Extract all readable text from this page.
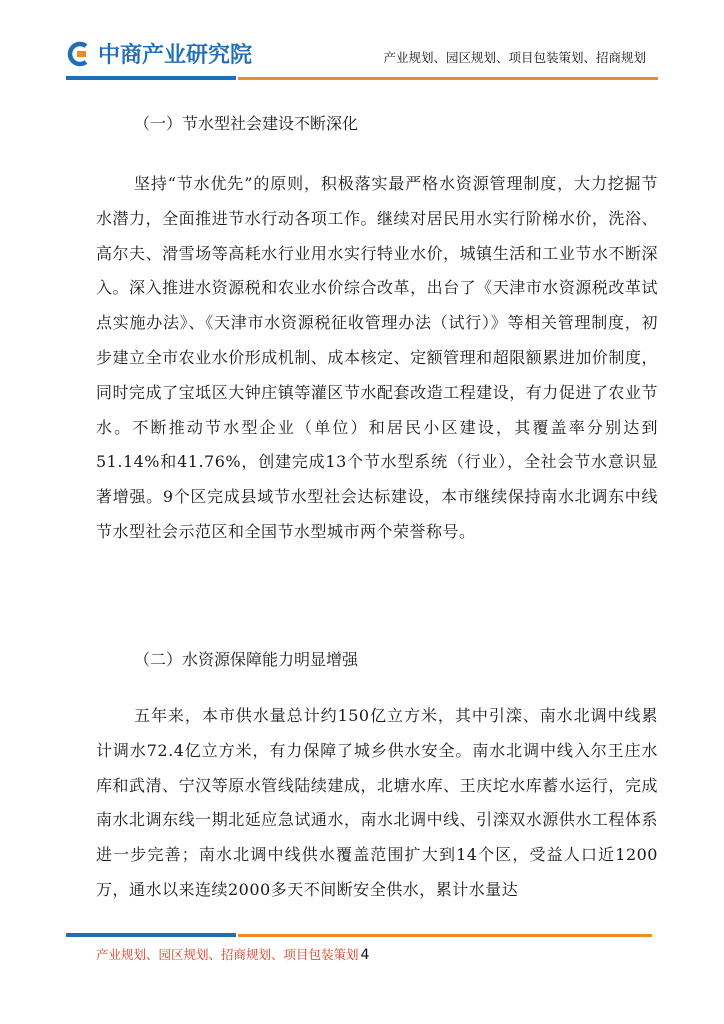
中商产业研究院	产业规划、园区规划、项目包装策划、招商规划

（一）节水型社会建设不断深化

坚持“节水优先”的原则，积极落实最严格水资源管理制度，大力挖掘节水潜力，全面推进节水行动各项工作。继续对居民用水实行阶梯水价，洗浴、高尔夫、滑雪场等高耗水行业用水实行特业水价，城镇生活和工业节水不断深入。深入推进水资源税和农业水价综合改革，出台了《天津市水资源税改革试点实施办法》、《天津市水资源税征收管理办法（试行）》等相关管理制度，初步建立全市农业水价形成机制、成本核定、定额管理和超限额累进加价制度，同时完成了宝坻区大钟庄镇等灌区节水配套改造工程建设，有力促进了农业节水。不断推动节水型企业（单位）和居民小区建设，其覆盖率分别达到51.14%和41.76%，创建完成13个节水型系统（行业），全社会节水意识显著增强。9个区完成县域节水型社会达标建设，本市继续保持南水北调东中线节水型社会示范区和全国节水型城市两个荣誉称号。

（二）水资源保障能力明显增强

五年来，本市供水量总计约150亿立方米，其中引滦、南水北调中线累计调水72.4亿立方米，有力保障了城乡供水安全。南水北调中线入尔王庄水库和武清、宁汉等原水管线陆续建成，北塘水库、王庆坨水库蓄水运行，完成南水北调东线一期北延应急试通水，南水北调中线、引滦双水源供水工程体系进一步完善；南水北调中线供水覆盖范围扩大到14个区，受益人口近1200万，通水以来连续2000多天不间断安全供水，累计水量达

产业规划、园区规划、招商规划、项目包装策划 4
